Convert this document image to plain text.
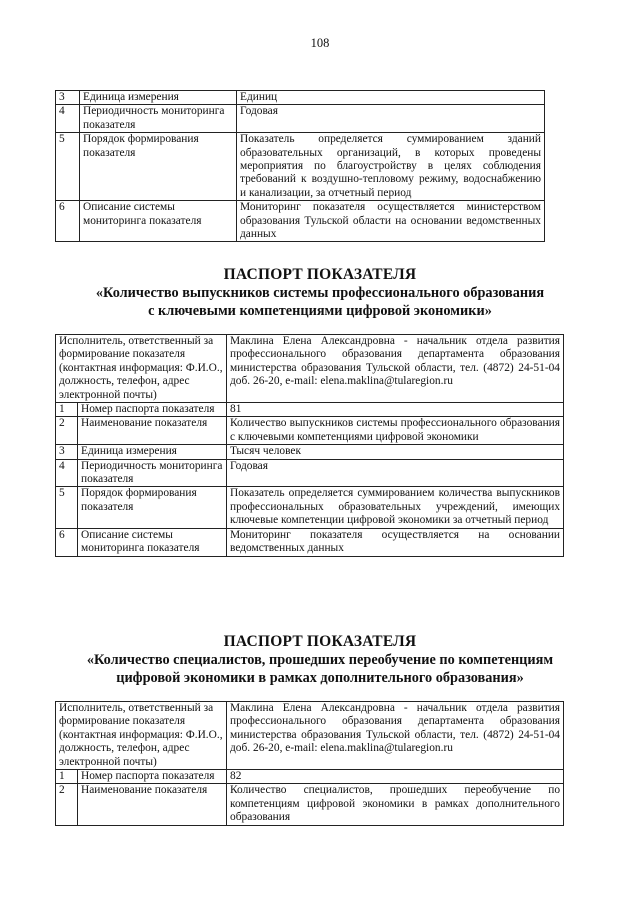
108
3	Единица измерения	Единиц
4	Периодичность мониторинга показателя	Годовая
5	Порядок формирования показателя	Показатель определяется суммированием зданий образовательных организаций, в которых проведены мероприятия по благоустройству в целях соблюдения требований к воздушно-тепловому режиму, водоснабжению и канализации, за отчетный период
6	Описание системы мониторинга показателя	Мониторинг показателя осуществляется министерством образования Тульской области на основании ведомственных данных
ПАСПОРТ ПОКАЗАТЕЛЯ
«Количество выпускников системы профессионального образования
с ключевыми компетенциями цифровой экономики»
Исполнитель, ответственный за формирование показателя (контактная информация: Ф.И.О., должность, телефон, адрес электронной почты)		Маклина Елена Александровна - начальник отдела развития профессионального образования департамента образования министерства образования Тульской области, тел. (4872) 24-51-04 доб. 26-20, e-mail: elena.maklina@tularegion.ru
1	Номер паспорта показателя	81
2	Наименование показателя	Количество выпускников системы профессионального образования с ключевыми компетенциями цифровой экономики
3	Единица измерения	Тысяч человек
4	Периодичность мониторинга показателя	Годовая
5	Порядок формирования показателя	Показатель определяется суммированием количества выпускников профессиональных образовательных учреждений, имеющих ключевые компетенции цифровой экономики за отчетный период
6	Описание системы мониторинга показателя	Мониторинг показателя осуществляется на основании ведомственных данных
ПАСПОРТ ПОКАЗАТЕЛЯ
«Количество специалистов, прошедших переобучение по компетенциям
цифровой экономики в рамках дополнительного образования»
Исполнитель, ответственный за формирование показателя (контактная информация: Ф.И.О., должность, телефон, адрес электронной почты)		Маклина Елена Александровна - начальник отдела развития профессионального образования департамента образования министерства образования Тульской области, тел. (4872) 24-51-04 доб. 26-20, e-mail: elena.maklina@tularegion.ru
1	Номер паспорта показателя	82
2	Наименование показателя	Количество специалистов, прошедших переобучение по компетенциям цифровой экономики в рамках дополнительного образования
